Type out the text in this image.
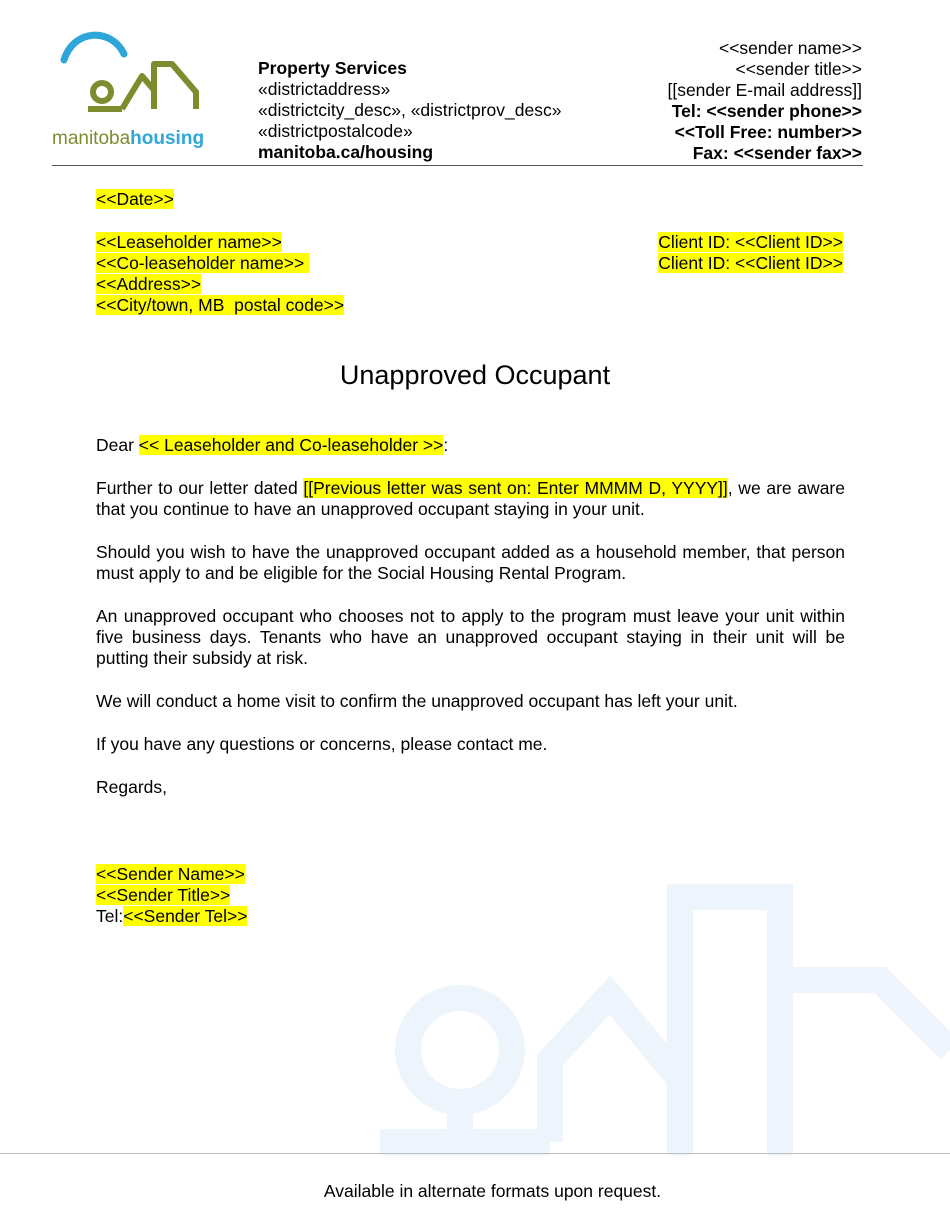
manitobahousing
Property Services
«districtaddress»
«districtcity_desc», «districtprov_desc»
«districtpostalcode»
manitoba.ca/housing
<<sender name>>
<<sender title>>
[[sender E-mail address]]
Tel: <<sender phone>>
<<Toll Free: number>>
Fax: <<sender fax>>
<<Date>>
<<Leaseholder name>>
<<Co-leaseholder name>>
<<Address>>
<<City/town, MB  postal code>>
Client ID: <<Client ID>>
Client ID: <<Client ID>>
Unapproved Occupant

Dear << Leaseholder and Co-leaseholder >>:

Further to our letter dated [[Previous letter was sent on: Enter MMMM D, YYYY]], we are aware that you continue to have an unapproved occupant staying in your unit.

Should you wish to have the unapproved occupant added as a household member, that person must apply to and be eligible for the Social Housing Rental Program.

An unapproved occupant who chooses not to apply to the program must leave your unit within five business days. Tenants who have an unapproved occupant staying in their unit will be putting their subsidy at risk.

We will conduct a home visit to confirm the unapproved occupant has left your unit.

If you have any questions or concerns, please contact me.

Regards,

<<Sender Name>>
<<Sender Title>>
Tel:<<Sender Tel>>
Available in alternate formats upon request.
